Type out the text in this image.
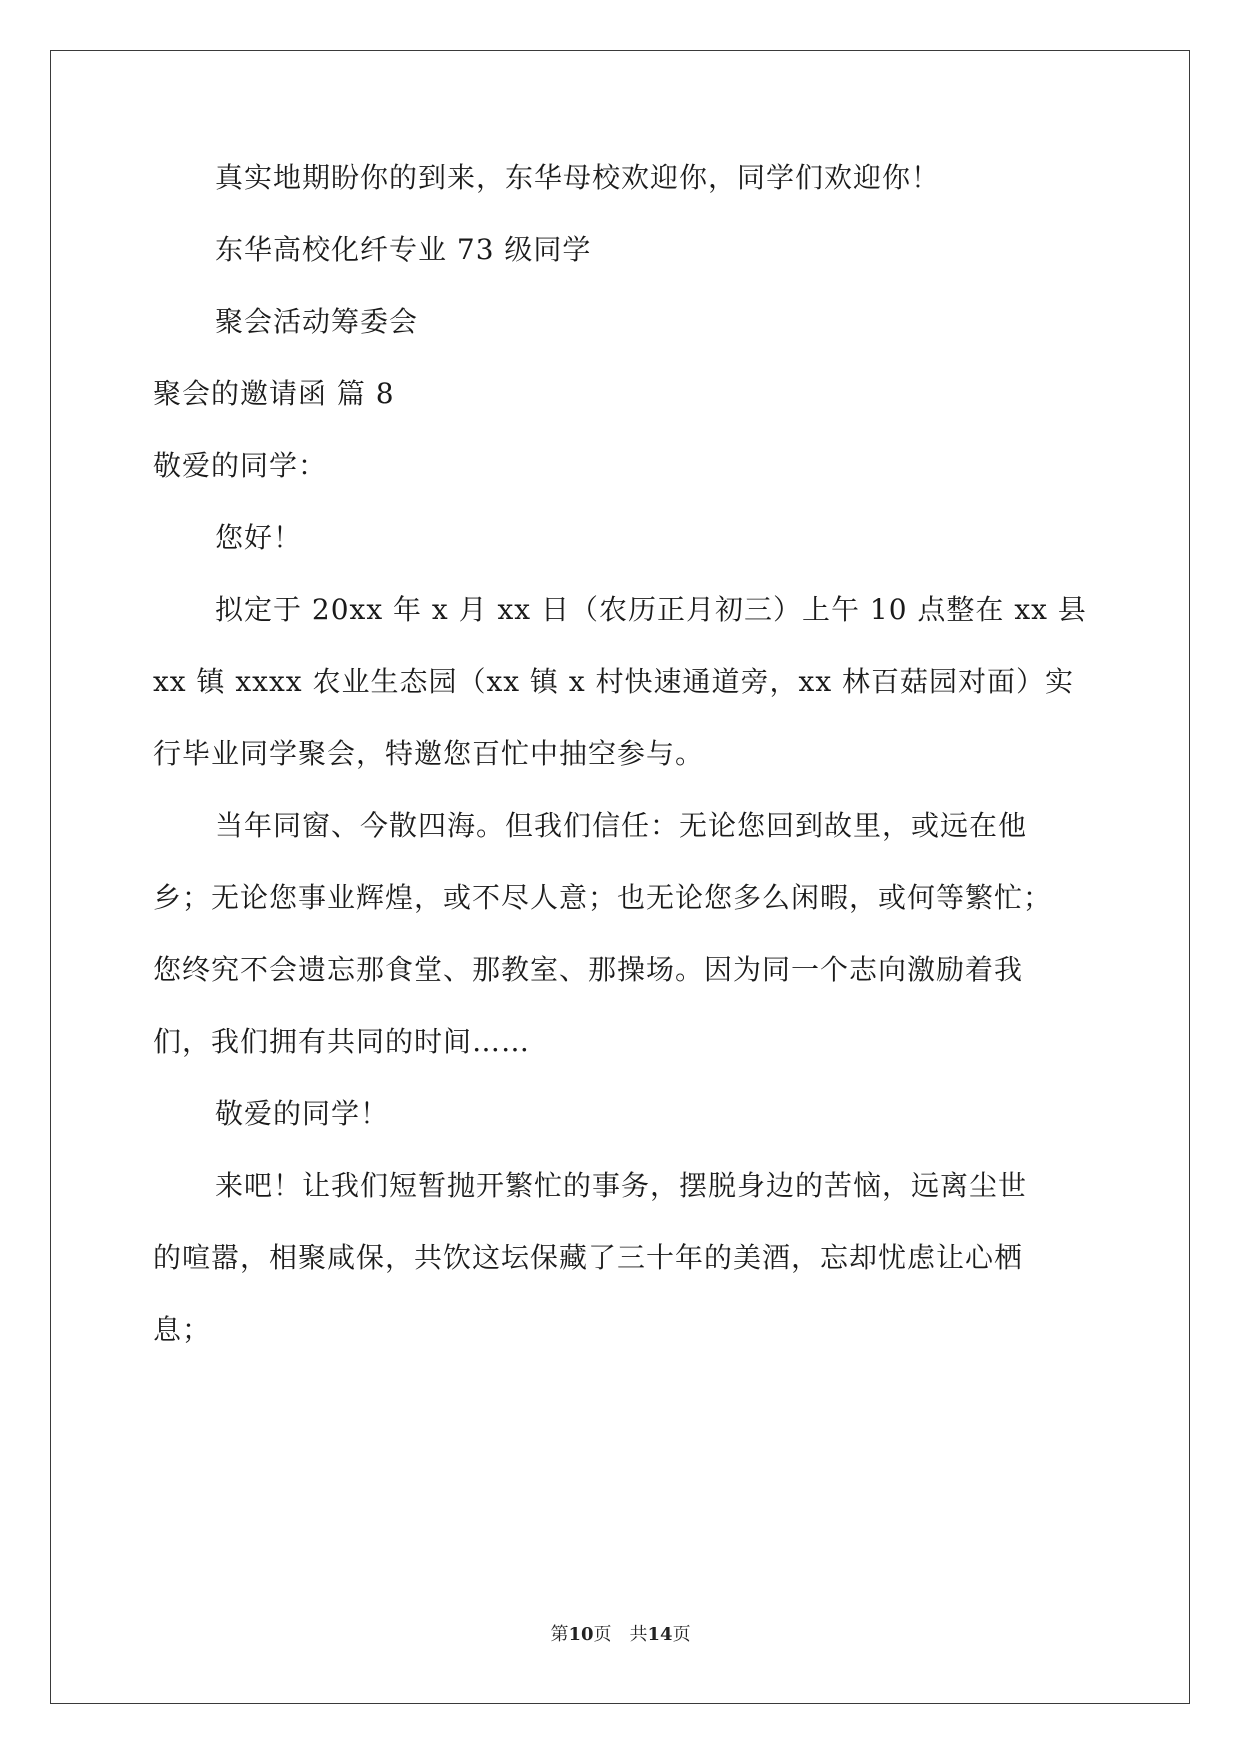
真实地期盼你的到来，东华母校欢迎你，同学们欢迎你！
东华高校化纤专业 73 级同学
聚会活动筹委会
聚会的邀请函 篇 8
敬爱的同学：
您好！
拟定于 20xx 年 x 月 xx 日（农历正月初三）上午 10 点整在 xx 县
xx 镇 xxxx 农业生态园（xx 镇 x 村快速通道旁，xx 林百菇园对面）实
行毕业同学聚会，特邀您百忙中抽空参与。
当年同窗、今散四海。但我们信任：无论您回到故里，或远在他
乡；无论您事业辉煌，或不尽人意；也无论您多么闲暇，或何等繁忙；
您终究不会遗忘那食堂、那教室、那操场。因为同一个志向激励着我
们，我们拥有共同的时间……
敬爱的同学！
来吧！让我们短暂抛开繁忙的事务，摆脱身边的苦恼，远离尘世
的喧嚣，相聚咸保，共饮这坛保藏了三十年的美酒，忘却忧虑让心栖
息；
第10页　共14页
